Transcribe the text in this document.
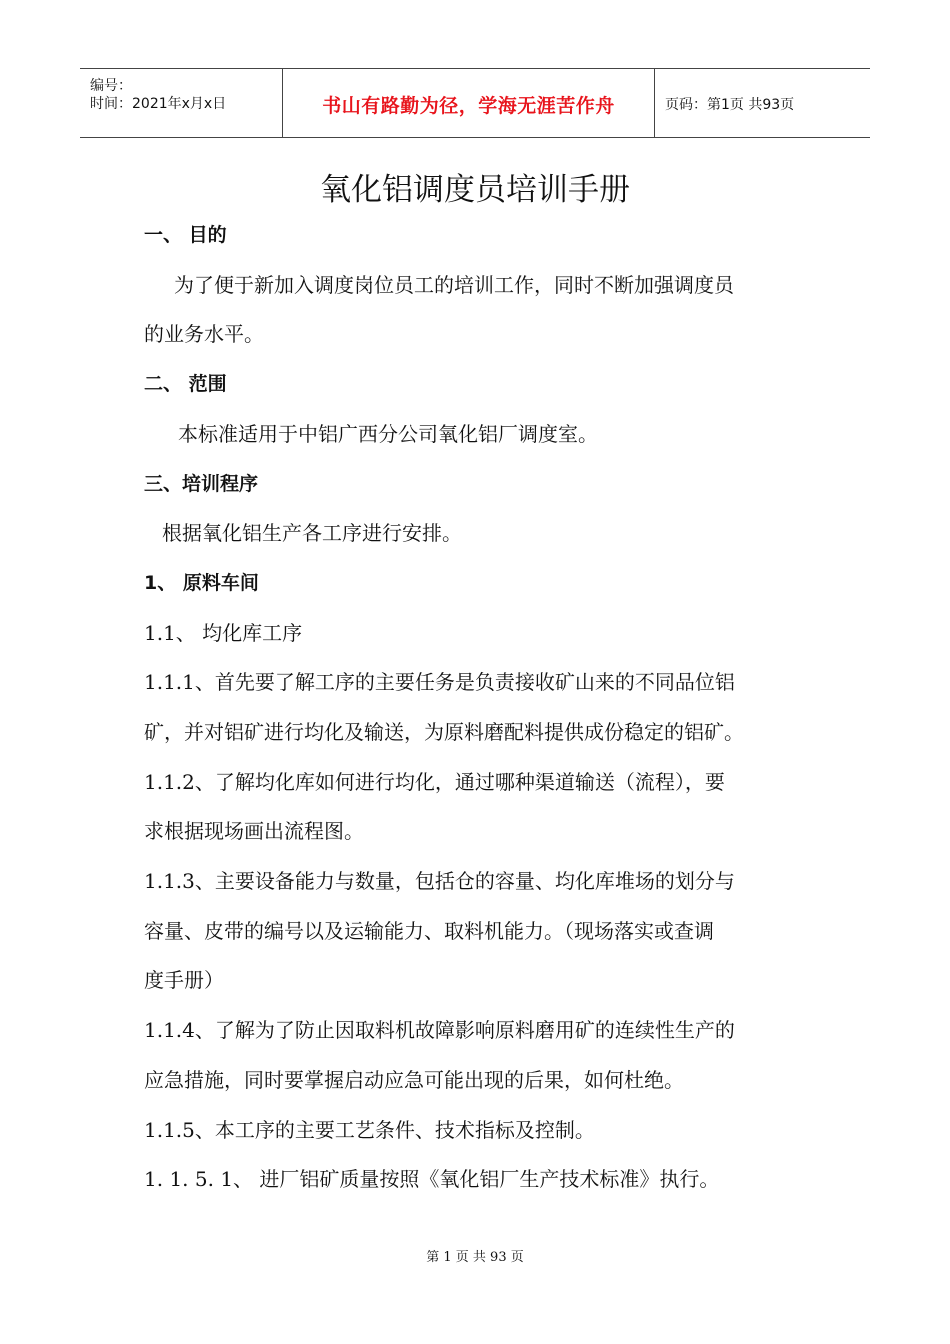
编号：
时间：2021年x月x日	书山有路勤为径，学海无涯苦作舟	页码：第1页 共93页
氧化铝调度员培训手册
一、 目的
为了便于新加入调度岗位员工的培训工作，同时不断加强调度员
的业务水平。
二、 范围
本标准适用于中铝广西分公司氧化铝厂调度室。
三、培训程序
根据氧化铝生产各工序进行安排。
1、 原料车间
1.1、 均化库工序
1.1.1、首先要了解工序的主要任务是负责接收矿山来的不同品位铝
矿，并对铝矿进行均化及输送，为原料磨配料提供成份稳定的铝矿。
1.1.2、了解均化库如何进行均化，通过哪种渠道输送（流程），要
求根据现场画出流程图。
1.1.3、主要设备能力与数量，包括仓的容量、均化库堆场的划分与
容量、皮带的编号以及运输能力、取料机能力。（现场落实或查调
度手册）
1.1.4、了解为了防止因取料机故障影响原料磨用矿的连续性生产的
应急措施，同时要掌握启动应急可能出现的后果，如何杜绝。
1.1.5、本工序的主要工艺条件、技术指标及控制。
1. 1. 5. 1、 进厂铝矿质量按照《氧化铝厂生产技术标准》执行。
第 1 页 共 93 页
